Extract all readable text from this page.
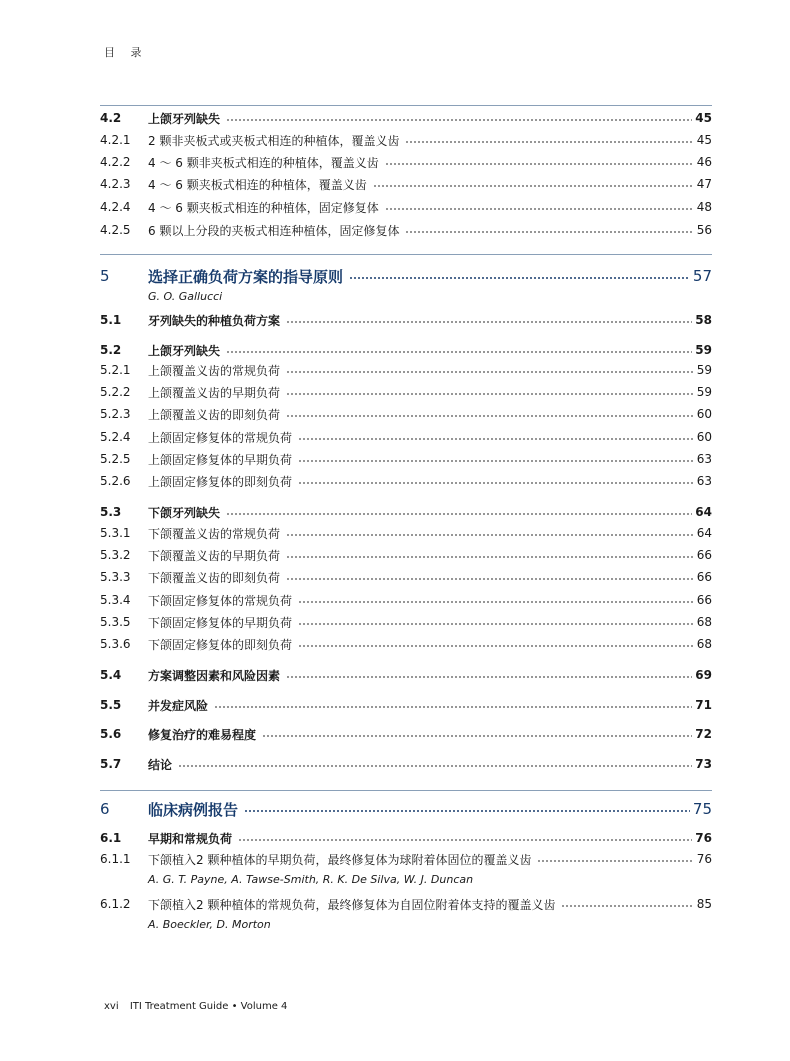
目 录
4.2	上颌牙列缺失	45
4.2.1	2 颗非夹板式或夹板式相连的种植体，覆盖义齿	45
4.2.2	4 ～ 6 颗非夹板式相连的种植体，覆盖义齿	46
4.2.3	4 ～ 6 颗夹板式相连的种植体，覆盖义齿	47
4.2.4	4 ～ 6 颗夹板式相连的种植体，固定修复体	48
4.2.5	6 颗以上分段的夹板式相连种植体，固定修复体	56
5	选择正确负荷方案的指导原则	57
G. O. Gallucci
5.1	牙列缺失的种植负荷方案	58
5.2	上颌牙列缺失	59
5.2.1	上颌覆盖义齿的常规负荷	59
5.2.2	上颌覆盖义齿的早期负荷	59
5.2.3	上颌覆盖义齿的即刻负荷	60
5.2.4	上颌固定修复体的常规负荷	60
5.2.5	上颌固定修复体的早期负荷	63
5.2.6	上颌固定修复体的即刻负荷	63
5.3	下颌牙列缺失	64
5.3.1	下颌覆盖义齿的常规负荷	64
5.3.2	下颌覆盖义齿的早期负荷	66
5.3.3	下颌覆盖义齿的即刻负荷	66
5.3.4	下颌固定修复体的常规负荷	66
5.3.5	下颌固定修复体的早期负荷	68
5.3.6	下颌固定修复体的即刻负荷	68
5.4	方案调整因素和风险因素	69
5.5	并发症风险	71
5.6	修复治疗的难易程度	72
5.7	结论	73
6	临床病例报告	75
6.1	早期和常规负荷	76
6.1.1	下颌植入2 颗种植体的早期负荷，最终修复体为球附着体固位的覆盖义齿	76
A. G. T. Payne, A. Tawse-Smith, R. K. De Silva, W. J. Duncan
6.1.2	下颌植入2 颗种植体的常规负荷，最终修复体为自固位附着体支持的覆盖义齿	85
A. Boeckler, D. Morton
xvi ITI Treatment Guide • Volume 4
